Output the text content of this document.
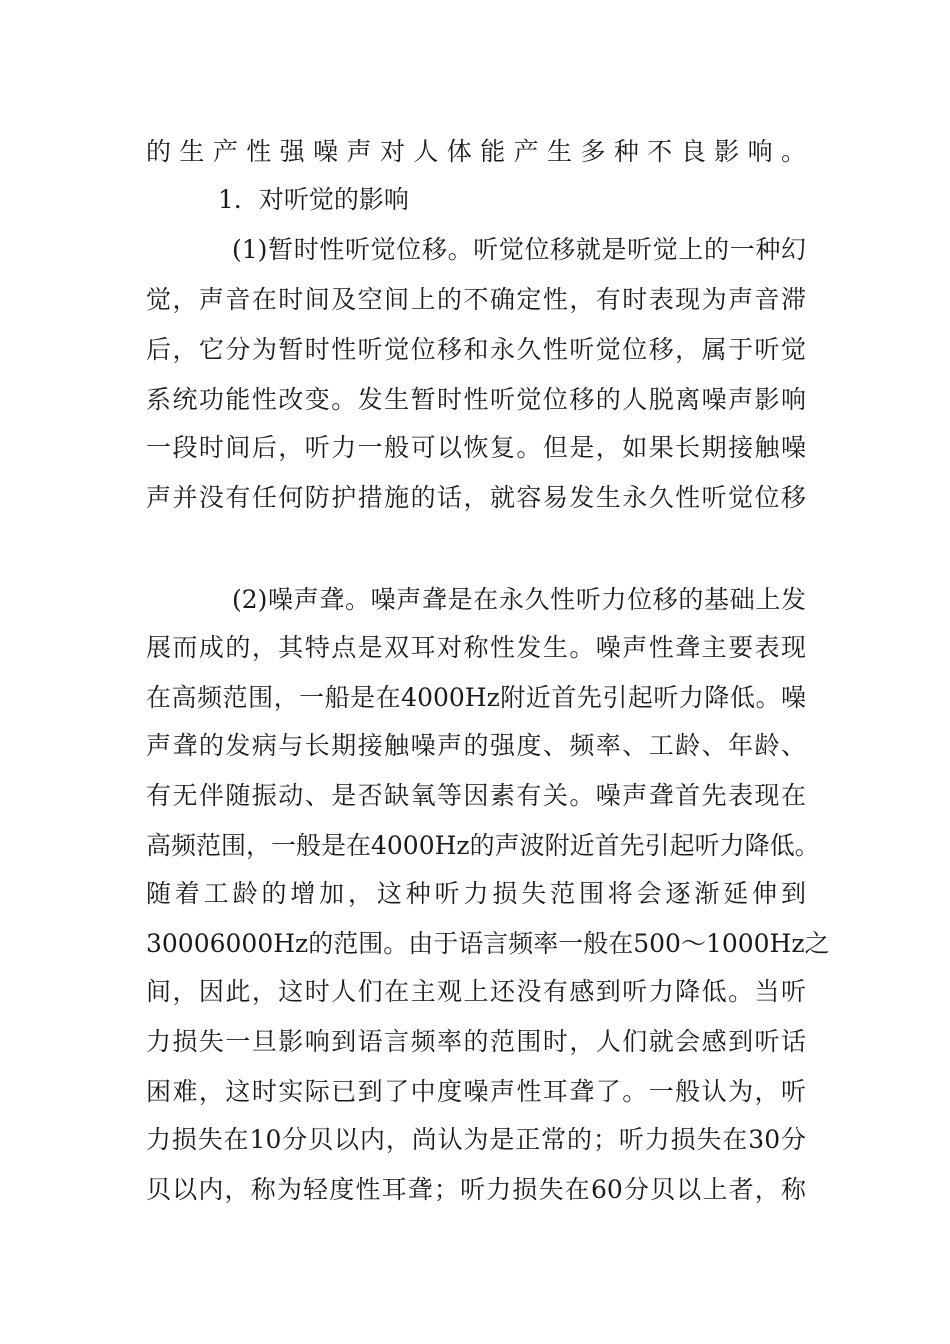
的生产性强噪声对人体能产生多种不良影响。
1．对听觉的影响
(1)暂时性听觉位移。听觉位移就是听觉上的一种幻
觉，声音在时间及空间上的不确定性，有时表现为声音滞
后，它分为暂时性听觉位移和永久性听觉位移，属于听觉
系统功能性改变。发生暂时性听觉位移的人脱离噪声影响
一段时间后，听力一般可以恢复。但是，如果长期接触噪
声并没有任何防护措施的话，就容易发生永久性听觉位移
(2)噪声聋。噪声聋是在永久性听力位移的基础上发
展而成的，其特点是双耳对称性发生。噪声性聋主要表现
在高频范围，一船是在4000Hz附近首先引起听力降低。噪
声聋的发病与长期接触噪声的强度、频率、工龄、年龄、
有无伴随振动、是否缺氧等因素有关。噪声聋首先表现在
高频范围，一般是在4000Hz的声波附近首先引起听力降低。
随着工龄的增加，这种听力损失范围将会逐渐延伸到
30006000Hz的范围。由于语言频率一般在500～1000Hz之
间，因此，这时人们在主观上还没有感到听力降低。当听
力损失一旦影响到语言频率的范围时，人们就会感到听话
困难，这时实际已到了中度噪声性耳聋了。一般认为，听
力损失在10分贝以内，尚认为是正常的；听力损失在30分
贝以内，称为轻度性耳聋；听力损失在60分贝以上者，称
